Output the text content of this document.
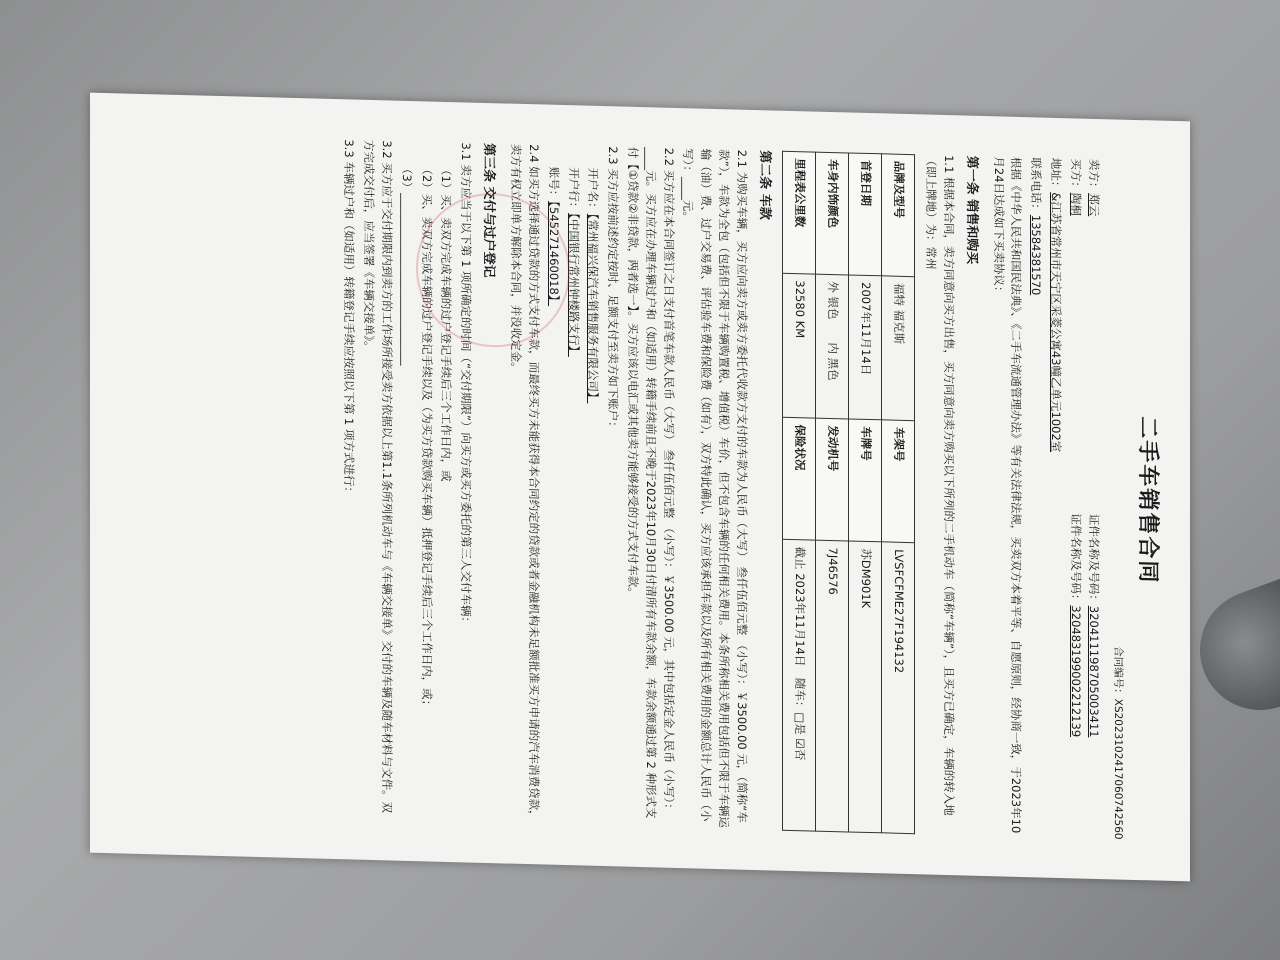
二手车销售合同
合同编号：XS2023102417060742560
卖方：郑云
证件名称及号码：320411198705003411
买方：陶桐
证件名称及号码：320483199002212139

地址：&江苏省常州市天宁区采菱公寓43幢乙单元1002室

联系电话：13584381570

根据《中华人民共和国民法典》、《二手车流通管理办法》等有关法律法规，买卖双方本着平等、自愿原则，经协商一致，于2023年10月24日达成如下买卖协议：

第一条 销售和购买

1.1 根据本合同，卖方同意向买方出售，买方同意向卖方购买以下所列的二手机动车（简称“车辆”），且买方已确定，车辆的转入地（即上牌地）为：常州

品牌及型号	福特 福克斯	车架号	LVSFCFME27F194132
首登日期	2007年11月14日	车牌号	苏DM901K
车身内饰颜色	外 银色　　内 黑色	发动机号	7J46576
里程表公里数	32580 KM	保险状况	截止 2023年11月14日　随车：□是 ☑否
第二条 车款

2.1 为购买车辆，买方应向卖方或卖方委托代收款方支付的车款为人民币（大写） 叁仟伍佰元整 （小写）：￥3500.00 元，（简称“车款”），车款为全包（包括但不限于车辆购置税、增值税）车价，但不包含车辆的任何相关费用。本条所称相关费用包括但不限于车辆运输（油）费、过户交易费、评估验车费和保险费（如有），双方特此确认，买方应该承担车款以及所有相关费用的金额总计人民币（小写）：____元。

2.2 买方应在本合同签订之日支付首笔车款人民币（大写） 叁仟伍佰元整 （小写）：￥3500.00 元，其中包括定金人民币（小写）：____元。买方应在办理车辆过户和（如适用）转籍手续前且不晚于2023年10月30日付清所有车款余额，车款余额通过第 2 种形式支付【①贷款②非贷款，两者选一】。买方应该以电汇或其他卖方能够接受的方式支付车款。

2.3 买方应按前述约定按时、足额支付至卖方如下账户：

开户名：【常州福兴保汽车销售服务有限公司】

开户行：【中国银行常州钟楼路支行】

账号：【545271460018】

2.4 如买方选择通过贷款的方式支付车款，而最终买方未能获得本合同约定的贷款或者金融机构未足额批准买方申请的汽车消费贷款，卖方有权立即单方解除本合同，并没收定金。

第三条 交付与过户登记

3.1 卖方应当于以下第 1 项所确定的时间（“交付期限”）向买方或买方委托的第三人交付车辆：

（1）买、卖双方完成车辆的过户登记手续后三个工作日内，或

（2）买、卖双方完成车辆的过户登记手续以及（为买方贷款购买车辆）抵押登记手续后三个工作日内，或；

（3）______________________________

3.2 买方应于交付期限内到卖方的工作场所接受卖方依据以上第1.1条所列机动车与《车辆交接单》交付的车辆及随车材料与文件。双方完成交付后，应当签署《车辆交接单》。

3.3 车辆过户和（如适用）转籍登记手续应按照以下第 1 项方式进行：
